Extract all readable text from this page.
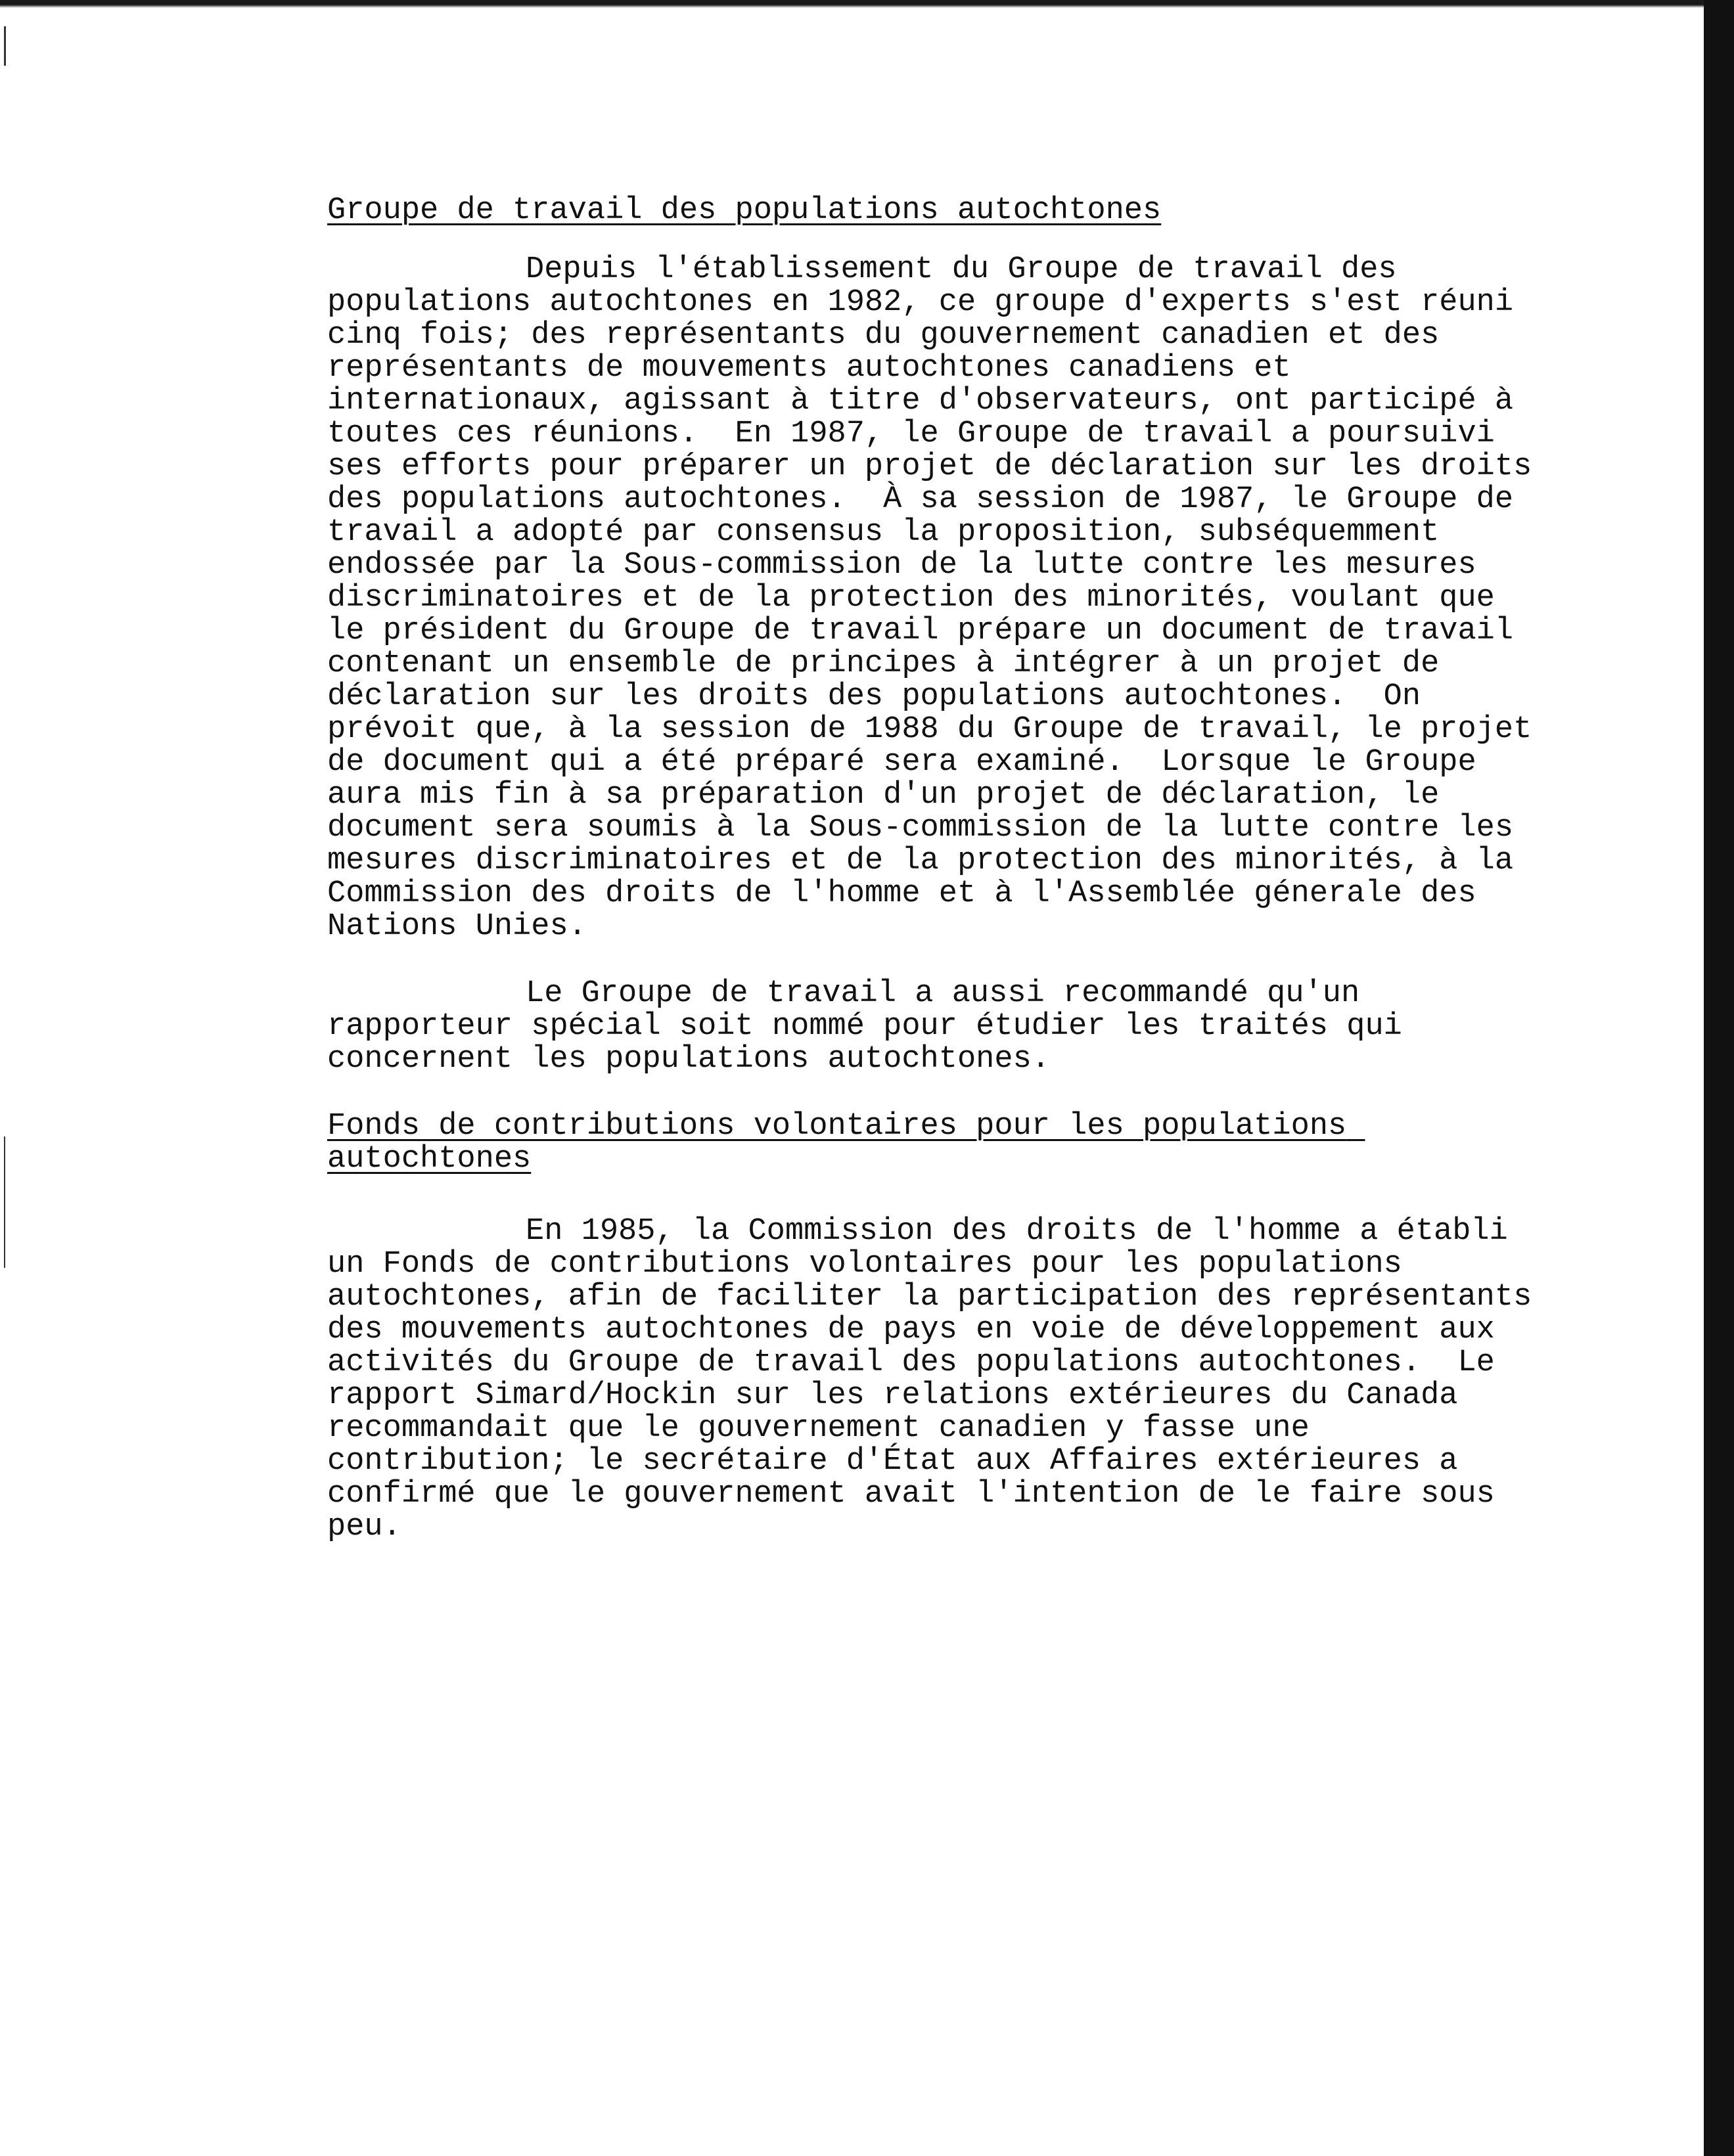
Groupe de travail des populations autochtones

Depuis l'établissement du Groupe de travail des populations autochtones en 1982, ce groupe d'experts s'est réuni cinq fois; des représentants du gouvernement canadien et des représentants de mouvements autochtones canadiens et internationaux, agissant à titre d'observateurs, ont participé à toutes ces réunions.  En 1987, le Groupe de travail a poursuivi ses efforts pour préparer un projet de déclaration sur les droits des populations autochtones.  À sa session de 1987, le Groupe de travail a adopté par consensus la proposition, subséquemment endossée par la Sous-commission de la lutte contre les mesures discriminatoires et de la protection des minorités, voulant que le président du Groupe de travail prépare un document de travail contenant un ensemble de principes à intégrer à un projet de déclaration sur les droits des populations autochtones.  On prévoit que, à la session de 1988 du Groupe de travail, le projet de document qui a été préparé sera examiné.  Lorsque le Groupe aura mis fin à sa préparation d'un projet de déclaration, le document sera soumis à la Sous-commission de la lutte contre les mesures discriminatoires et de la protection des minorités, à la Commission des droits de l'homme et à l'Assemblée génerale des Nations Unies.

Le Groupe de travail a aussi recommandé qu'un rapporteur spécial soit nommé pour étudier les traités qui concernent les populations autochtones.

Fonds de contributions volontaires pour les populations autochtones

En 1985, la Commission des droits de l'homme a établi un Fonds de contributions volontaires pour les populations autochtones, afin de faciliter la participation des représentants des mouvements autochtones de pays en voie de développement aux activités du Groupe de travail des populations autochtones.  Le rapport Simard/Hockin sur les relations extérieures du Canada recommandait que le gouvernement canadien y fasse une contribution; le secrétaire d'État aux Affaires extérieures a confirmé que le gouvernement avait l'intention de le faire sous peu.
